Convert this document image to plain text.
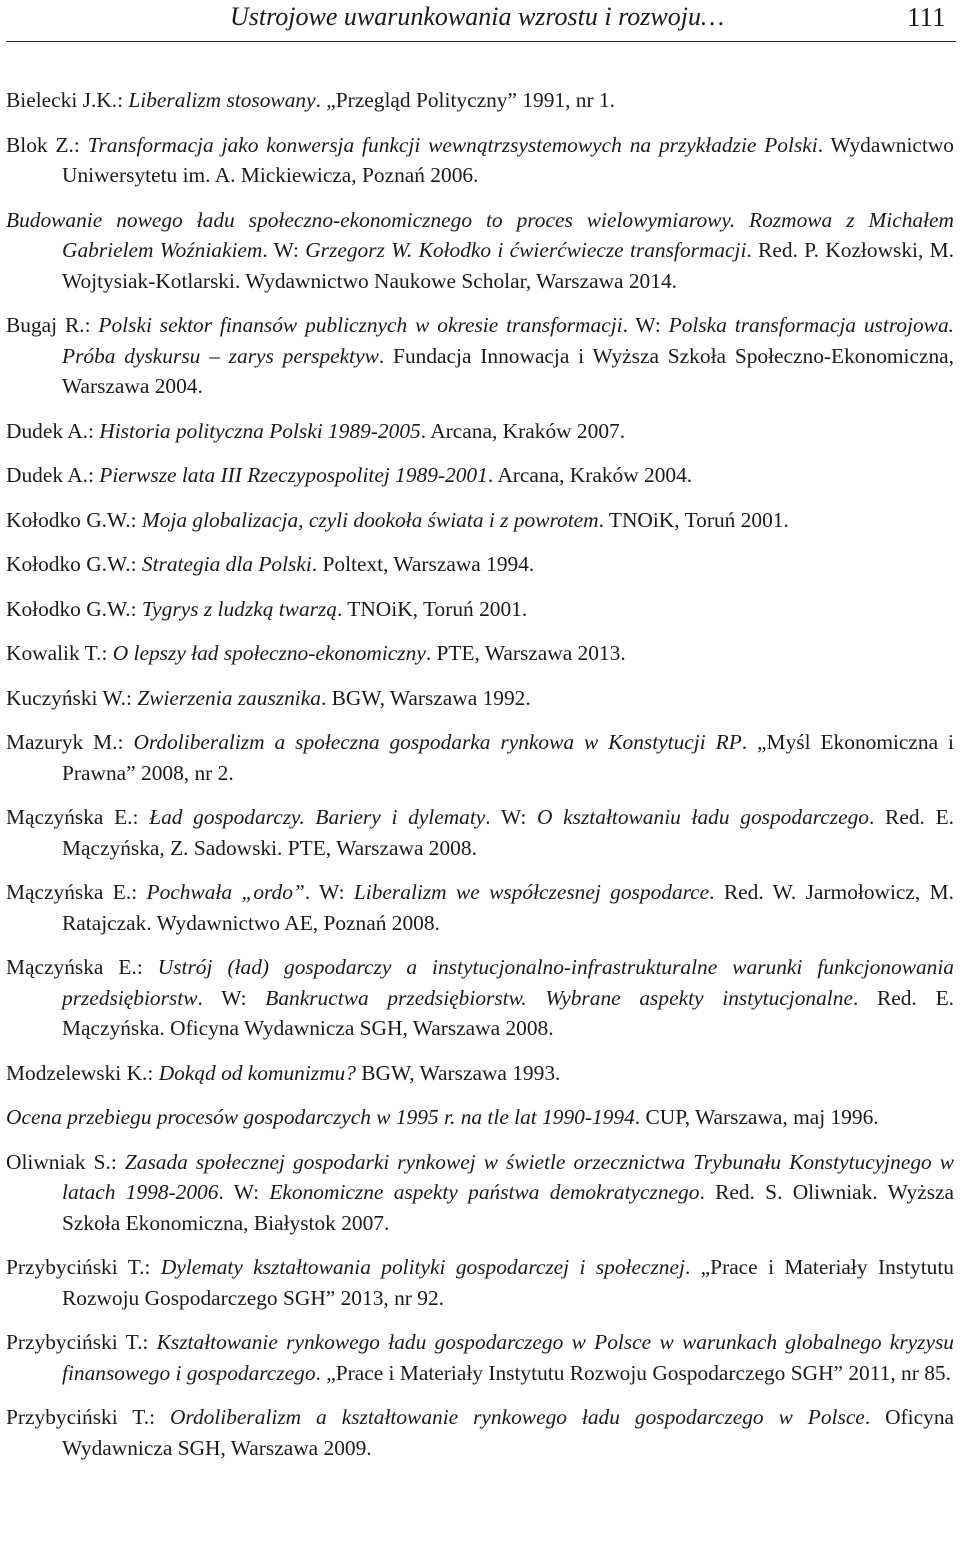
Ustrojowe uwarunkowania wzrostu i rozwoju…	111
Bielecki J.K.: Liberalizm stosowany. „Przegląd Polityczny” 1991, nr 1.
Blok Z.: Transformacja jako konwersja funkcji wewnątrzsystemowych na przykładzie Polski. Wydawnictwo Uniwersytetu im. A. Mickiewicza, Poznań 2006.
Budowanie nowego ładu społeczno-ekonomicznego to proces wielowymiarowy. Rozmowa z Michałem Gabrielem Woźniakiem. W: Grzegorz W. Kołodko i ćwierćwiecze transformacji. Red. P. Kozłowski, M. Wojtysiak-Kotlarski. Wydawnictwo Naukowe Scholar, Warszawa 2014.
Bugaj R.: Polski sektor finansów publicznych w okresie transformacji. W: Polska transformacja ustrojowa. Próba dyskursu – zarys perspektyw. Fundacja Innowacja i Wyższa Szkoła Społeczno-Ekonomiczna, Warszawa 2004.
Dudek A.: Historia polityczna Polski 1989-2005. Arcana, Kraków 2007.
Dudek A.: Pierwsze lata III Rzeczypospolitej 1989-2001. Arcana, Kraków 2004.
Kołodko G.W.: Moja globalizacja, czyli dookoła świata i z powrotem. TNOiK, Toruń 2001.
Kołodko G.W.: Strategia dla Polski. Poltext, Warszawa 1994.
Kołodko G.W.: Tygrys z ludzką twarzą. TNOiK, Toruń 2001.
Kowalik T.: O lepszy ład społeczno-ekonomiczny. PTE, Warszawa 2013.
Kuczyński W.: Zwierzenia zausznika. BGW, Warszawa 1992.
Mazuryk M.: Ordoliberalizm a społeczna gospodarka rynkowa w Konstytucji RP. „Myśl Ekonomiczna i Prawna” 2008, nr 2.
Mączyńska E.: Ład gospodarczy. Bariery i dylematy. W: O kształtowaniu ładu gospodarczego. Red. E. Mączyńska, Z. Sadowski. PTE, Warszawa 2008.
Mączyńska E.: Pochwała „ordo”. W: Liberalizm we współczesnej gospodarce. Red. W. Jarmołowicz, M. Ratajczak. Wydawnictwo AE, Poznań 2008.
Mączyńska E.: Ustrój (ład) gospodarczy a instytucjonalno-infrastrukturalne warunki funkcjonowania przedsiębiorstw. W: Bankructwa przedsiębiorstw. Wybrane aspekty instytucjonalne. Red. E. Mączyńska. Oficyna Wydawnicza SGH, Warszawa 2008.
Modzelewski K.: Dokąd od komunizmu? BGW, Warszawa 1993.
Ocena przebiegu procesów gospodarczych w 1995 r. na tle lat 1990-1994. CUP, Warszawa, maj 1996.
Oliwniak S.: Zasada społecznej gospodarki rynkowej w świetle orzecznictwa Trybunału Konstytucyjnego w latach 1998-2006. W: Ekonomiczne aspekty państwa demokratycznego. Red. S. Oliwniak. Wyższa Szkoła Ekonomiczna, Białystok 2007.
Przybyciński T.: Dylematy kształtowania polityki gospodarczej i społecznej. „Prace i Materiały Instytutu Rozwoju Gospodarczego SGH” 2013, nr 92.
Przybyciński T.: Kształtowanie rynkowego ładu gospodarczego w Polsce w warunkach globalnego kryzysu finansowego i gospodarczego. „Prace i Materiały Instytutu Rozwoju Gospodarczego SGH” 2011, nr 85.
Przybyciński T.: Ordoliberalizm a kształtowanie rynkowego ładu gospodarczego w Polsce. Oficyna Wydawnicza SGH, Warszawa 2009.
